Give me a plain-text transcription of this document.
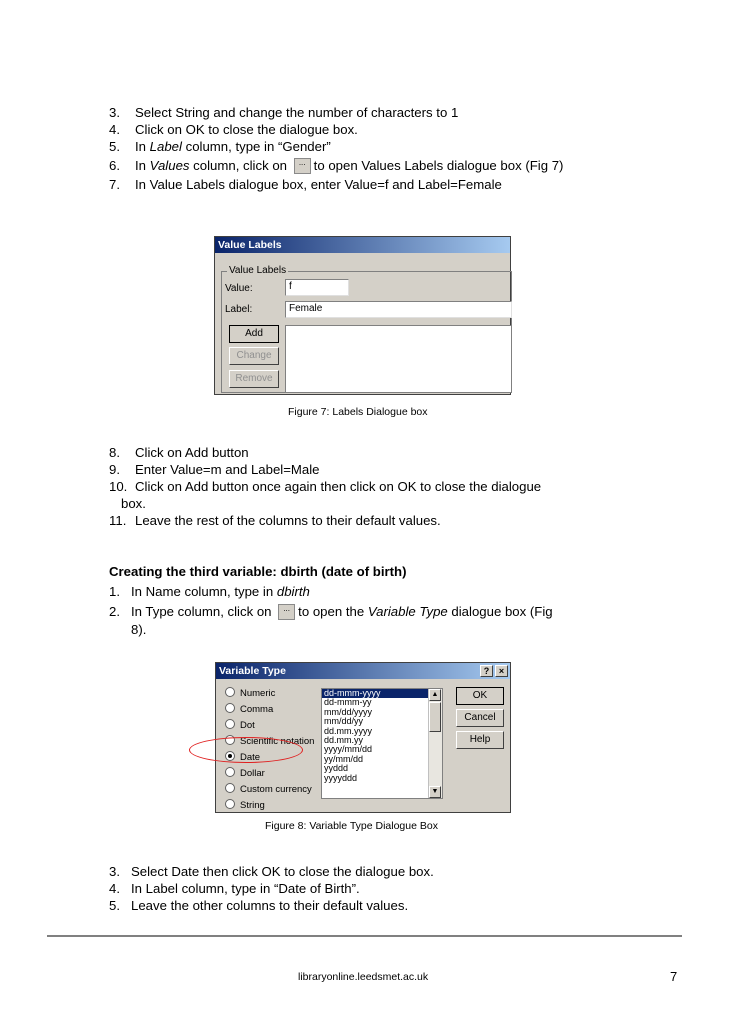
3. Select String and change the number of characters to 1
4. Click on OK to close the dialogue box.
5. In Label column, type in “Gender”
6. In Values column, click on ... to open Values Labels dialogue box (Fig 7)
7. In Value Labels dialogue box, enter Value=f and Label=Female
Value Labels
Value Labels
Value:	f
Label:	Female
Add
Change
Remove
Figure 7: Labels Dialogue box
8. Click on Add button
9. Enter Value=m and Label=Male
10. Click on Add button once again then click on OK to close the dialogue
box.
11. Leave the rest of the columns to their default values.
Creating the third variable: dbirth (date of birth)
1. In Name column, type in dbirth
2. In Type column, click on ... to open the Variable Type dialogue box (Fig
8).
Variable Type	?	×
Numeric
Comma
Dot
Scientific notation
Date
Dollar
Custom currency
String
dd-mmm-yyyy
dd-mmm-yy
mm/dd/yyyy
mm/dd/yy
dd.mm.yyyy
dd.mm.yy
yyyy/mm/dd
yy/mm/dd
yyddd
yyyyddd
▲
▼
OK
Cancel
Help
Figure 8: Variable Type Dialogue Box
3. Select Date then click OK to close the dialogue box.
4. In Label column, type in “Date of Birth”.
5. Leave the other columns to their default values.
libraryonline.leedsmet.ac.uk	7
